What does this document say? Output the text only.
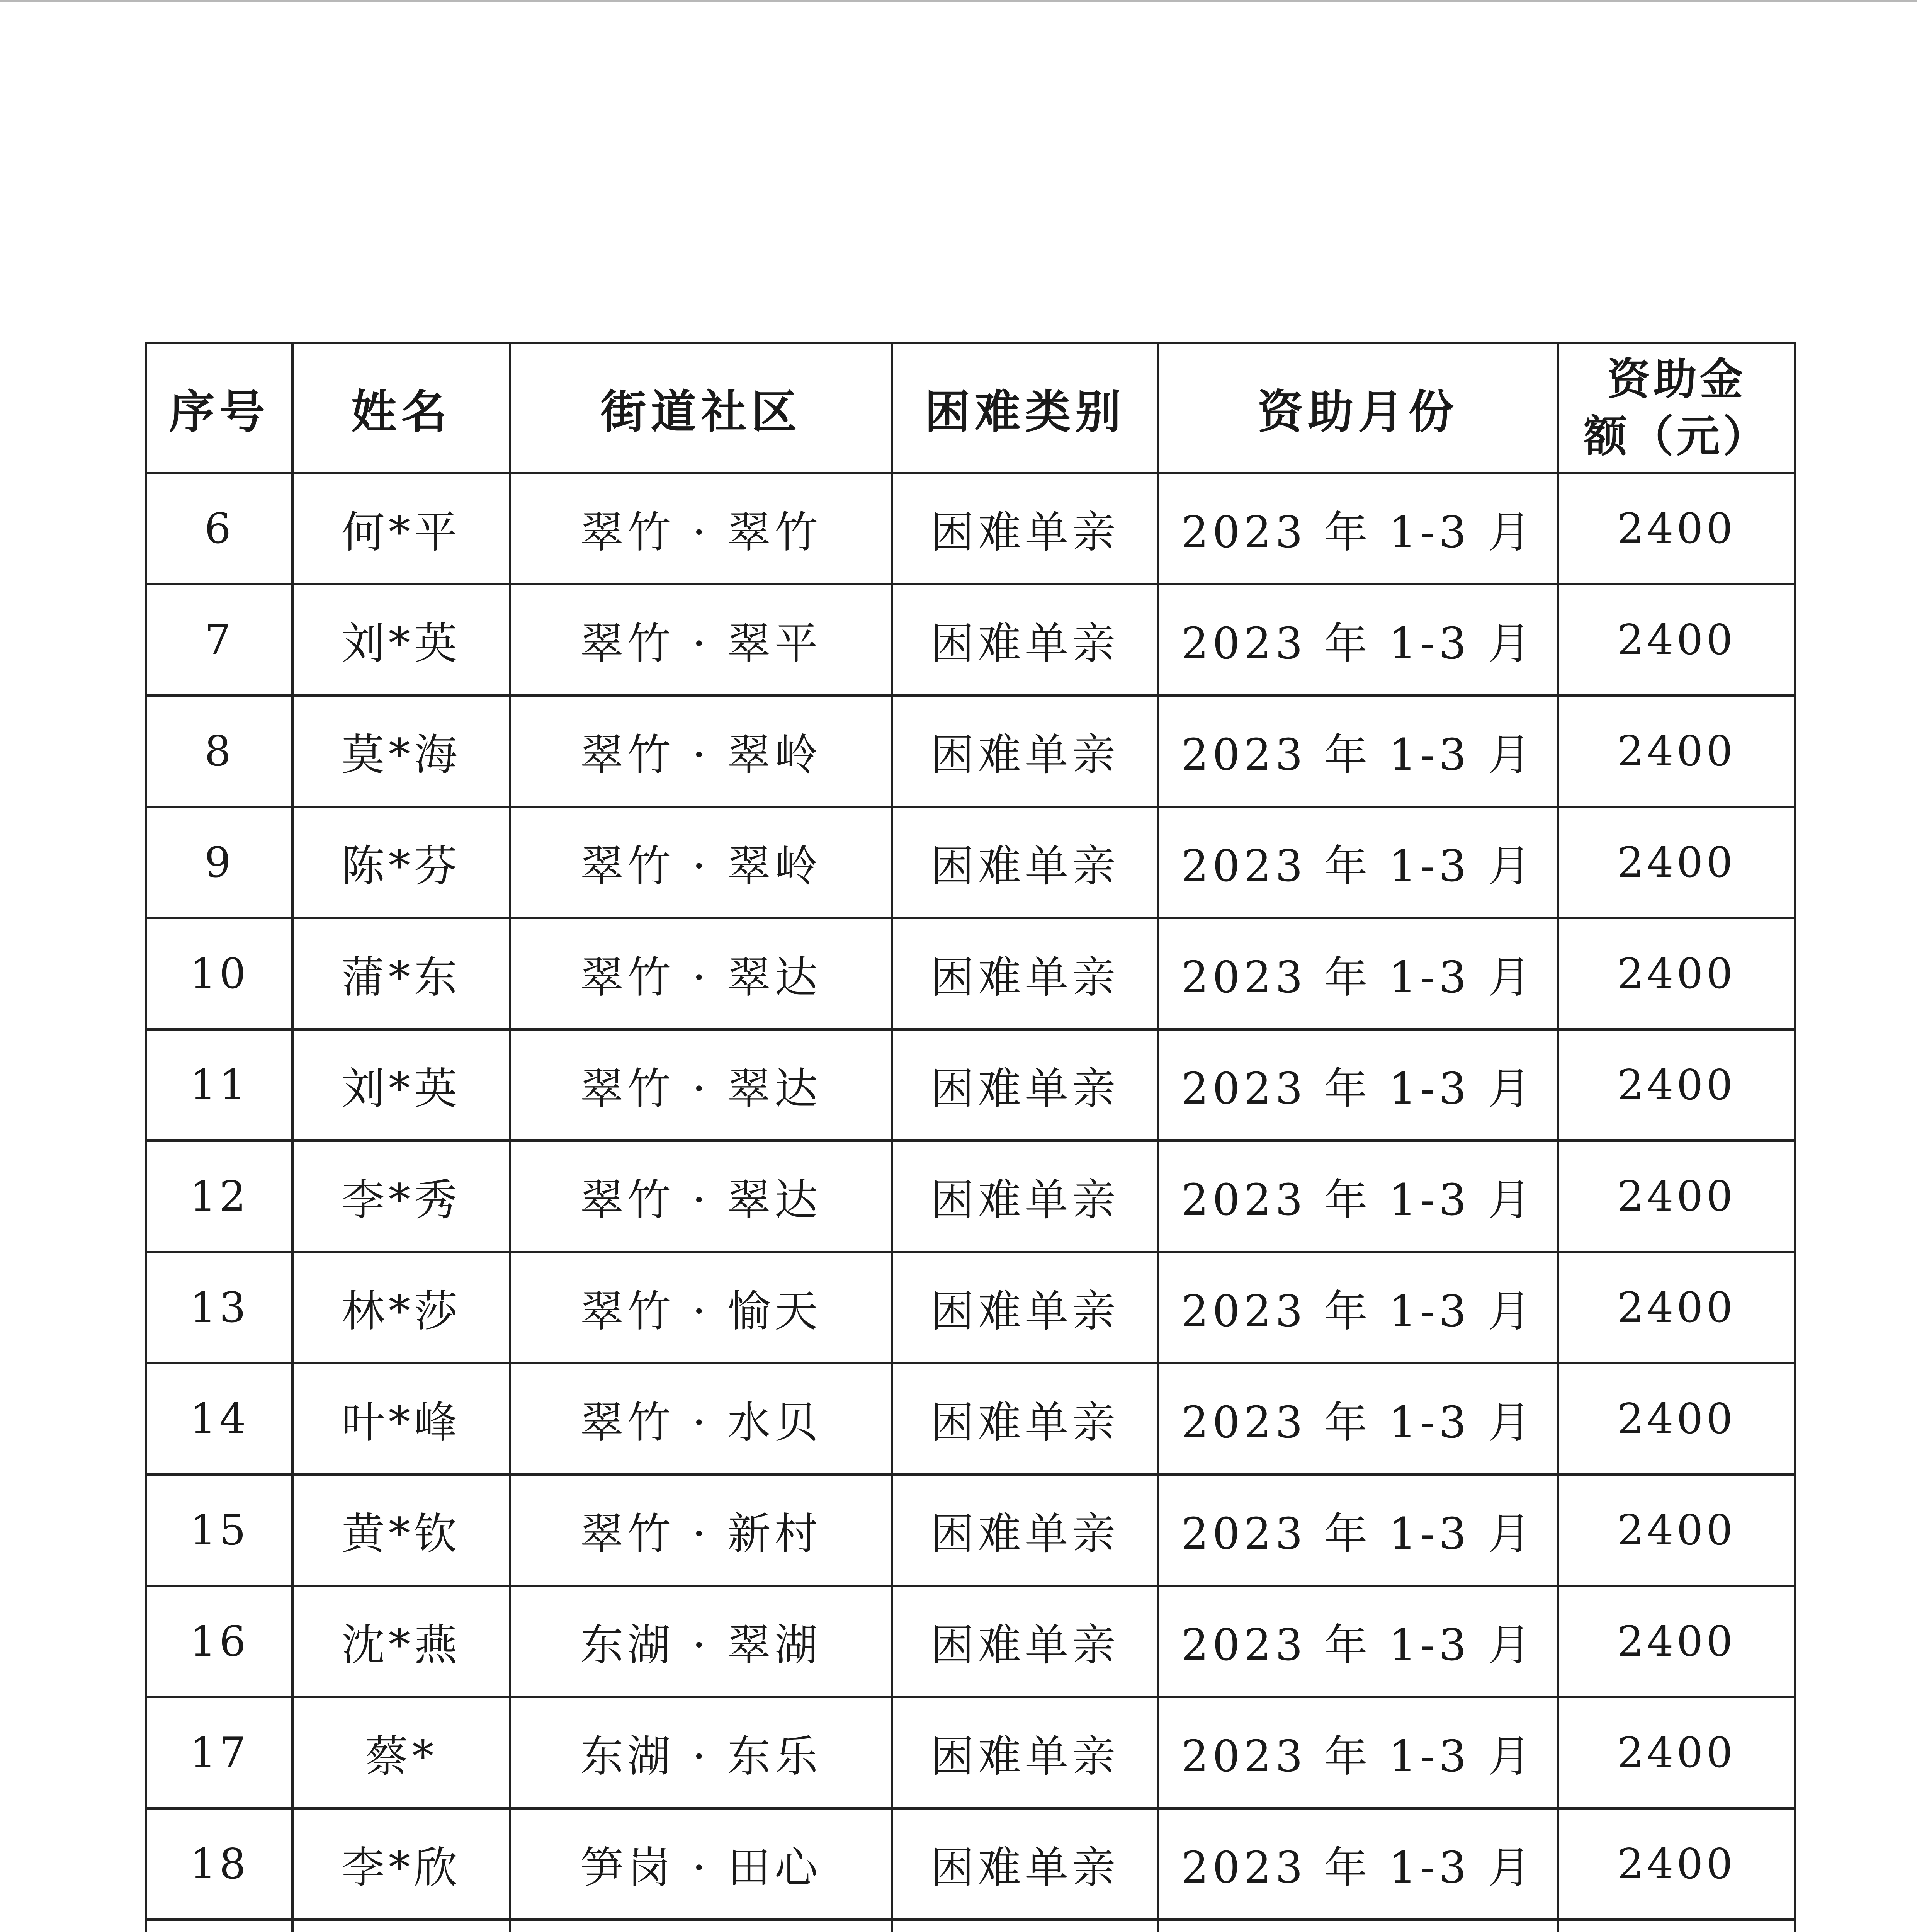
序号	姓名	街道社区	困难类别	资助月份	资助金
额（元）

6	何*平	翠竹 · 翠竹	困难单亲	2023 年 1-3 月	2400
7	刘*英	翠竹 · 翠平	困难单亲	2023 年 1-3 月	2400
8	莫*海	翠竹 · 翠岭	困难单亲	2023 年 1-3 月	2400
9	陈*芬	翠竹 · 翠岭	困难单亲	2023 年 1-3 月	2400
10	蒲*东	翠竹 · 翠达	困难单亲	2023 年 1-3 月	2400
11	刘*英	翠竹 · 翠达	困难单亲	2023 年 1-3 月	2400
12	李*秀	翠竹 · 翠达	困难单亲	2023 年 1-3 月	2400
13	林*莎	翠竹 · 愉天	困难单亲	2023 年 1-3 月	2400
14	叶*峰	翠竹 · 水贝	困难单亲	2023 年 1-3 月	2400
15	黄*钦	翠竹 · 新村	困难单亲	2023 年 1-3 月	2400
16	沈*燕	东湖 · 翠湖	困难单亲	2023 年 1-3 月	2400
17	蔡*	东湖 · 东乐	困难单亲	2023 年 1-3 月	2400
18	李*欣	笋岗 · 田心	困难单亲	2023 年 1-3 月	2400
